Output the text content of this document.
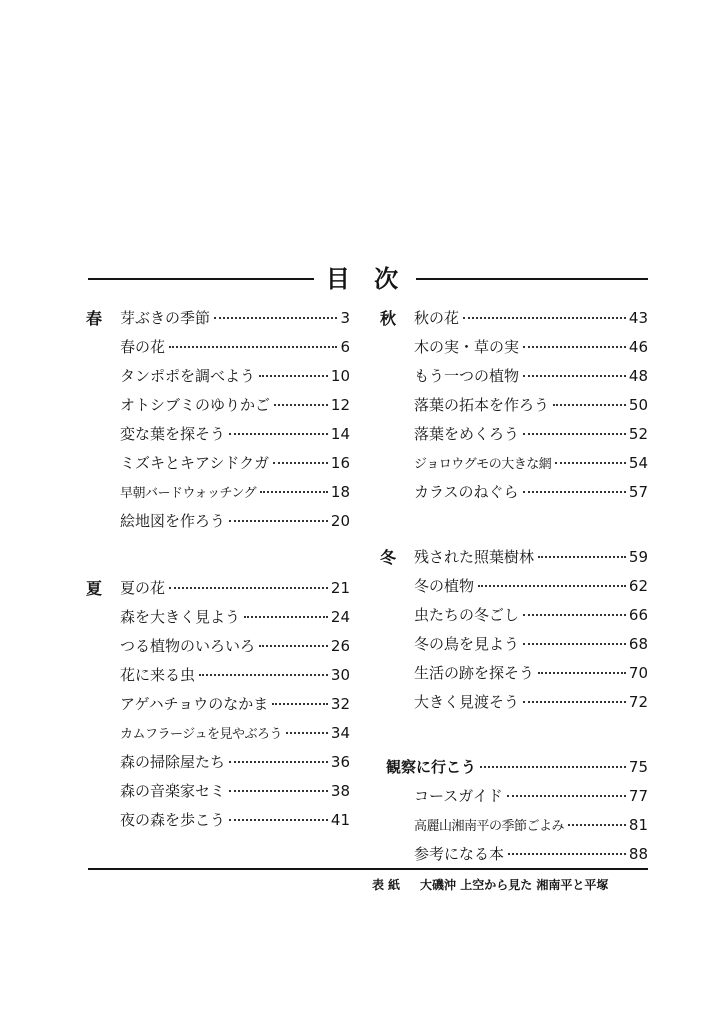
目 次
春 芽ぶきの季節	3
春の花	6
タンポポを調べよう	10
オトシブミのゆりかご	12
変な葉を探そう	14
ミズキとキアシドクガ	16
早朝バードウォッチング	18
絵地図を作ろう	20
夏 夏の花	21
森を大きく見よう	24
つる植物のいろいろ	26
花に来る虫	30
アゲハチョウのなかま	32
カムフラージュを見やぶろう	34
森の掃除屋たち	36
森の音楽家セミ	38
夜の森を歩こう	41
秋 秋の花	43
木の実・草の実	46
もう一つの植物	48
落葉の拓本を作ろう	50
落葉をめくろう	52
ジョロウグモの大きな網	54
カラスのねぐら	57
冬 残された照葉樹林	59
冬の植物	62
虫たちの冬ごし	66
冬の鳥を見よう	68
生活の跡を探そう	70
大きく見渡そう	72
観察に行こう	75
コースガイド	77
高麗山湘南平の季節ごよみ	81
参考になる本	88
表紙 大磯沖 上空から見た 湘南平と平塚
